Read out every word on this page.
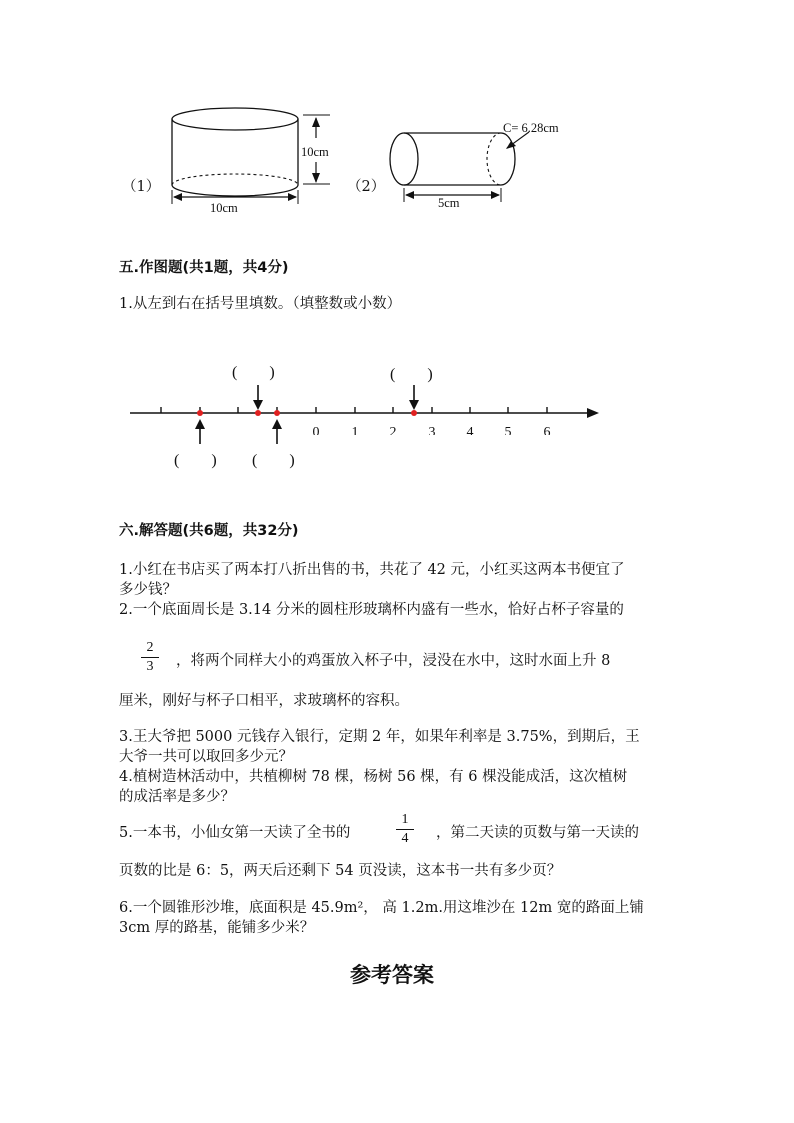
（1）
10cm
10cm
（2）
C= 6.28cm
5cm
五.作图题(共1题，共4分)
1.从左到右在括号里填数。（填整数或小数）
0 1 2 3 4 5 6
(        )	(        )
(        ) (        )
六.解答题(共6题，共32分)
1.小红在书店买了两本打八折出售的书，共花了 42 元，小红买这两本书便宜了
多少钱？
2.一个底面周长是 3.14 分米的圆柱形玻璃杯内盛有一些水，恰好占杯子容量的
2
3	，将两个同样大小的鸡蛋放入杯子中，浸没在水中，这时水面上升 8
厘米，刚好与杯子口相平，求玻璃杯的容积。
3.王大爷把 5000 元钱存入银行，定期 2 年，如果年利率是 3.75%，到期后，王
大爷一共可以取回多少元？
4.植树造林活动中，共植柳树 78 棵，杨树 56 棵，有 6 棵没能成活，这次植树
的成活率是多少？
5.一本书，小仙女第一天读了全书的
1
4	，第二天读的页数与第一天读的
页数的比是 6：5，两天后还剩下 54 页没读，这本书一共有多少页？
6.一个圆锥形沙堆，底面积是 45.9m²， 高 1.2m.用这堆沙在 12m 宽的路面上铺
3cm 厚的路基，能铺多少米？
参考答案
